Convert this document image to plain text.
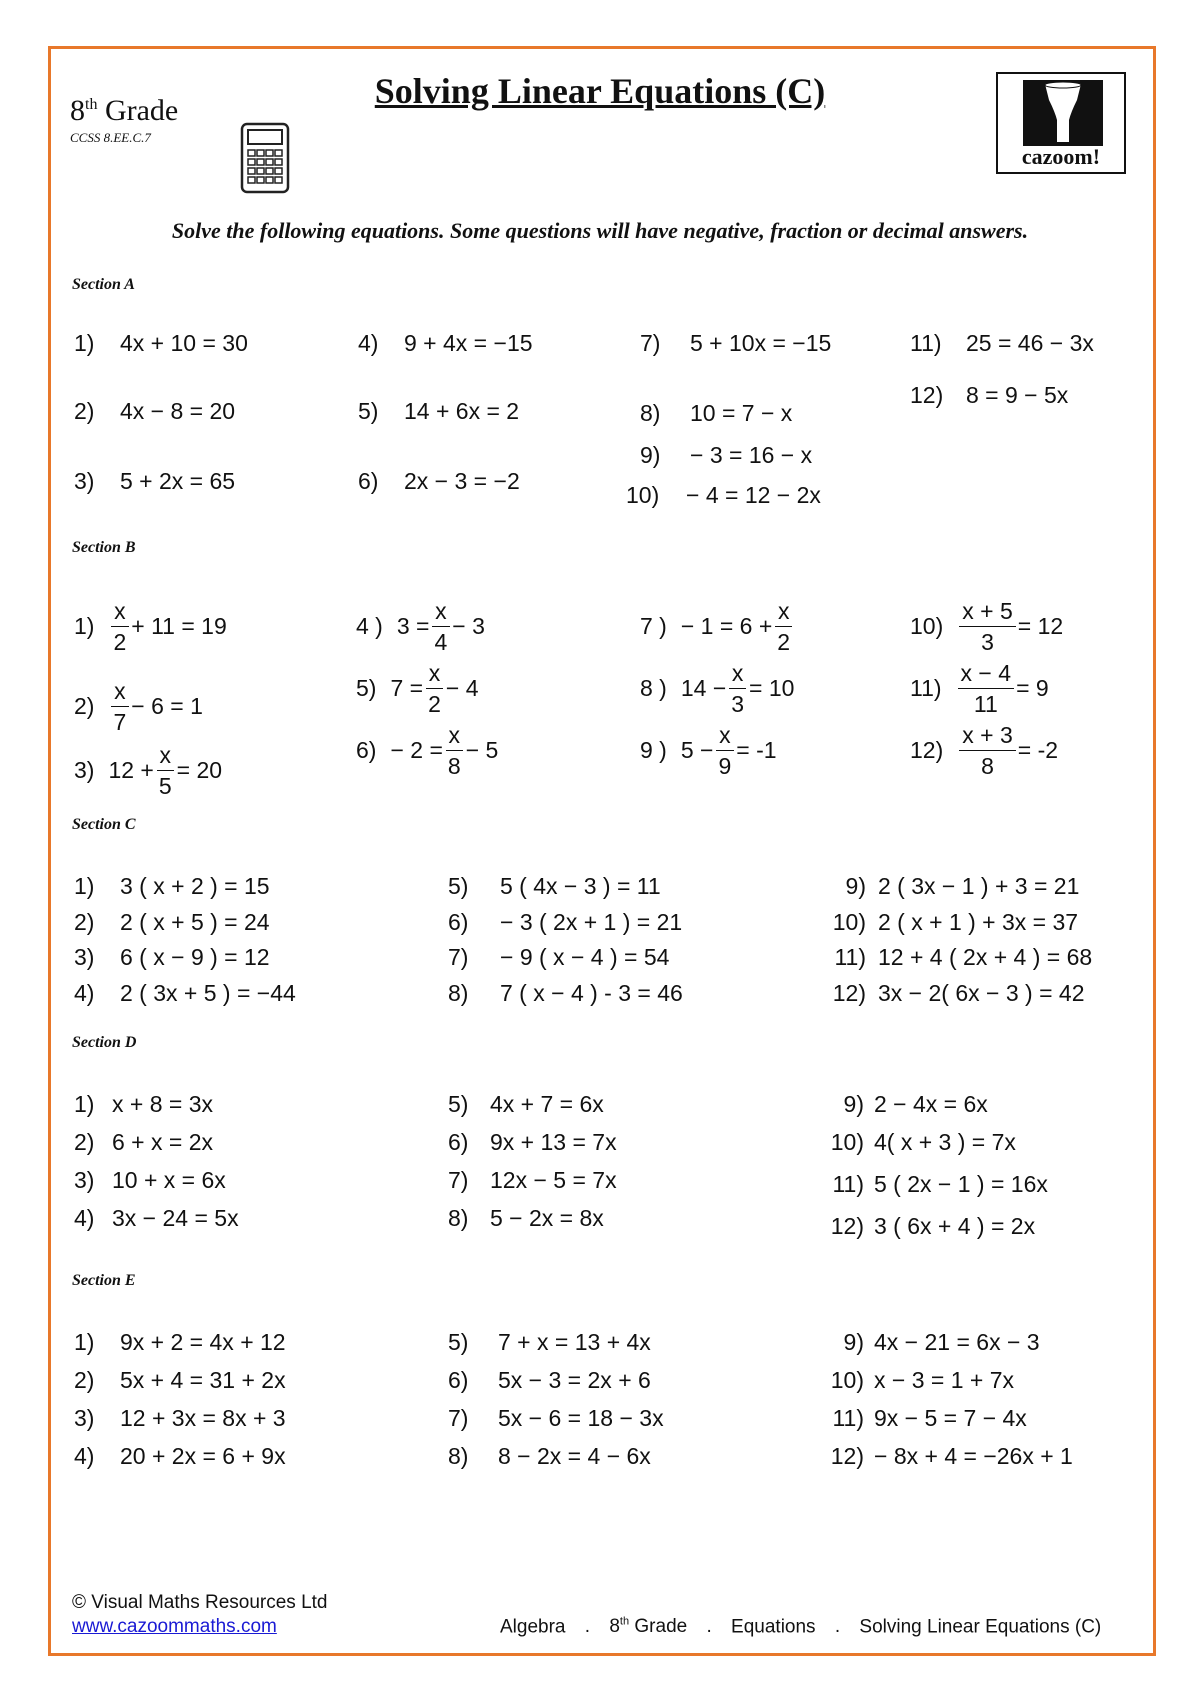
8th Grade
CCSS 8.EE.C.7
Solving Linear Equations (C)
cazoom!
Solve the following equations. Some questions will have negative, fraction or decimal answers.
Section A
1) 4x + 10 = 30
2) 4x − 8 = 20
3) 5 + 2x = 65
4) 9 + 4x = −15
5) 14 + 6x = 2
6) 2x − 3 = −2
7) 5 + 10x = −15
8) 10 = 7 − x
9) − 3 = 16 − x
10) − 4 = 12 − 2x
11) 25 = 46 − 3x
12) 8 = 9 − 5x
Section B
$1) \frac{x}{2} + 11 = 19$
$2) \frac{x}{7} - 6 = 1$
3) $12 + \frac{x}{5} = 20$
4 ) $3 = \frac{x}{4} - 3$
5) $7 = \frac{x}{2} - 4$
$6) - 2 = \frac{x}{8} - 5$
7 ) − $1 = 6 + \frac{x}{2}$
8 ) $14 - \frac{x}{3} = 10$
9 ) $5 - \frac{x}{9} = -1$
$10) \frac{x + 5}{3} = 12$
$11) \frac{x - 4}{11} = 9$
$12) \frac{x + 3}{8} = -2$
Section C
1) 3 ( x + 2 ) = 15
2) 2 ( x + 5 ) = 24
3) 6 ( x − 9 ) = 12
4) 2 ( 3x + 5 ) = −44
5) 5 ( 4x − 3 ) = 11
6) − 3 ( 2x + 1 ) = 21
7) − 9 ( x − 4 ) = 54
8) 7 ( x − 4 ) - 3 = 46
9) 2 ( 3x − 1 ) + 3 = 21
10) 2 ( x + 1 ) + 3x = 37
11) 12 + 4 ( 2x + 4 ) = 68
12) 3x − 2( 6x − 3 ) = 42
Section D
1) x + 8 = 3x
2) 6 + x = 2x
3) 10 + x = 6x
4) 3x − 24 = 5x
5) 4x + 7 = 6x
6) 9x + 13 = 7x
7) 12x − 5 = 7x
8) 5 − 2x = 8x
9) 2 − 4x = 6x
10) 4( x + 3 ) = 7x
11) 5 ( 2x − 1 ) = 16x
12) 3 ( 6x + 4 ) = 2x
Section E
1) 9x + 2 = 4x + 12
2) 5x + 4 = 31 + 2x
3) 12 + 3x = 8x + 3
4) 20 + 2x = 6 + 9x
5) 7 + x = 13 + 4x
6) 5x − 3 = 2x + 6
7) 5x − 6 = 18 − 3x
8) 8 − 2x = 4 − 6x
9) 4x − 21 = 6x − 3
10) x − 3 = 1 + 7x
11) 9x − 5 = 7 − 4x
12) − 8x + 4 = −26x + 1
© Visual Maths Resources Ltd
www.cazoommaths.com	Algebra . 8th Grade . Equations . Solving Linear Equations (C)
